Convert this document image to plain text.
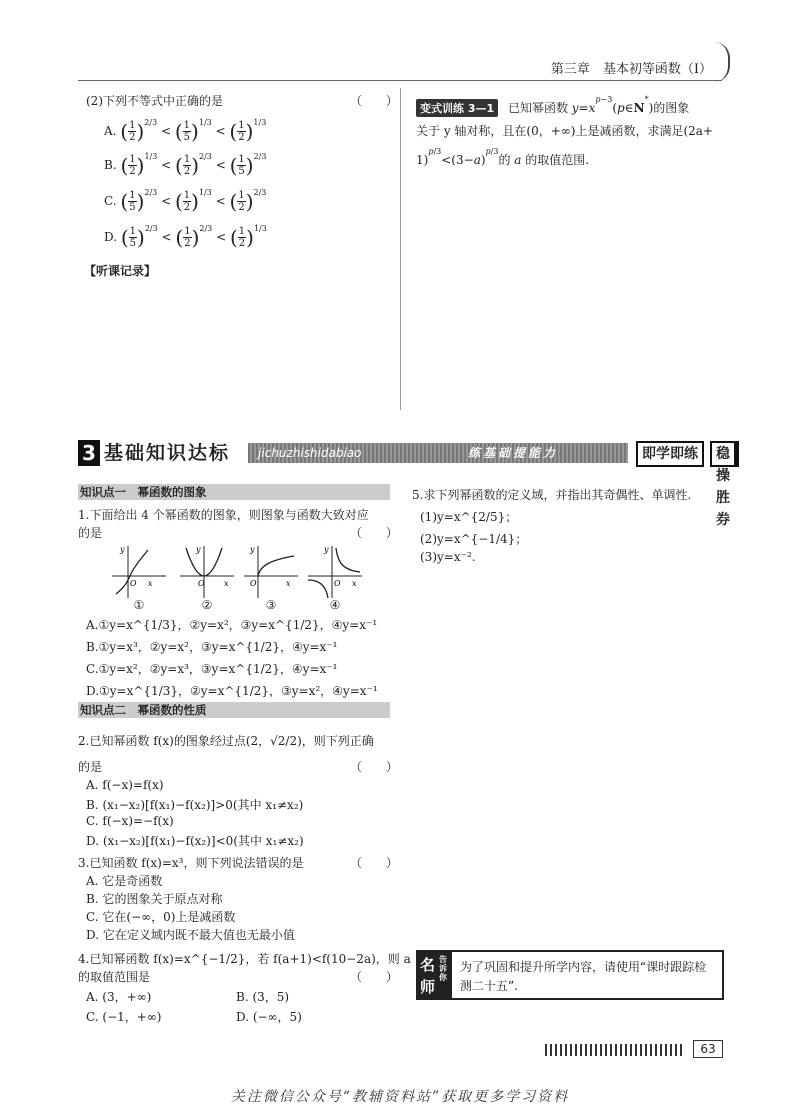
第三章　基本初等函数（Ⅰ）
(2)下列不等式中正确的是	（　　）
A. ( $\frac{1}{2} )^{2/3}$ < ( $\frac{1}{5} )^{1/3}$ < ( $\frac{1}{2} )^{1/3}$
B. ( $\frac{1}{2} )^{1/3}$ < ( $\frac{1}{2} )^{2/3}$ < ( $\frac{1}{5} )^{2/3}$
C. ( $\frac{1}{5} )^{2/3}$ < ( $\frac{1}{2} )^{1/3}$ < ( $\frac{1}{2} )^{2/3}$
D. ( $\frac{1}{5} )^{2/3}$ < ( $\frac{1}{2} )^{2/3}$ < ( $\frac{1}{2} )^{1/3}$
【听课记录】
变式训练 3—1 已知幂函数 $y=x^{p-3}(p\in N^*)$的图象
关于 y 轴对称，且在(0，+∞)上是减函数，求满足(2a+
$1)^{p/3}<(3-a)^{p/3}$的 a 的取值范围.
3 基础知识达标	jichuzhishidabiao	练基础提能力	即学即练	稳操胜券
知识点一　幂函数的图象
1.下面给出 4 个幂函数的图象，则图象与函数大致对应
的是	（　　）
y
x
O
y
x
O
y
x
O
y
x
O
①	②	③	④
A.①y=x^{1/3}，②y=x²，③y=x^{1/2}，④y=x⁻¹
B.①y=x³，②y=x²，③y=x^{1/2}，④y=x⁻¹
C.①y=x²，②y=x³，③y=x^{1/2}，④y=x⁻¹
D.①y=x^{1/3}，②y=x^{1/2}，③y=x²，④y=x⁻¹
知识点二　幂函数的性质
2.已知幂函数 f(x)的图象经过点(2，√2/2)，则下列正确
的是	（　　）
A. f(−x)=f(x)
B. (x₁−x₂)[f(x₁)−f(x₂)]>0(其中 x₁≠x₂)
C. f(−x)=−f(x)
D. (x₁−x₂)[f(x₁)−f(x₂)]<0(其中 x₁≠x₂)
3.已知函数 f(x)=x³，则下列说法错误的是	（　　）
A. 它是奇函数
B. 它的图象关于原点对称
C. 它在(−∞，0)上是减函数
D. 它在定义域内既不最大值也无最小值
4.已知幂函数 f(x)=x^{−1/2}，若 f(a+1)<f(10−2a)，则 a
的取值范围是	（　　）
A. (3，+∞)	B. (3，5)
C. (−1，+∞)	D. (−∞，5)
5.求下列幂函数的定义域，并指出其奇偶性、单调性.
(1)y=x^{2/5}；
(2)y=x^{−1/4}；
(3)y=x⁻².
名 告诉你
师
为了巩固和提升所学内容，请使用“课时跟踪检测二十五”.
63
关注微信公众号“教辅资料站”获取更多学习资料
